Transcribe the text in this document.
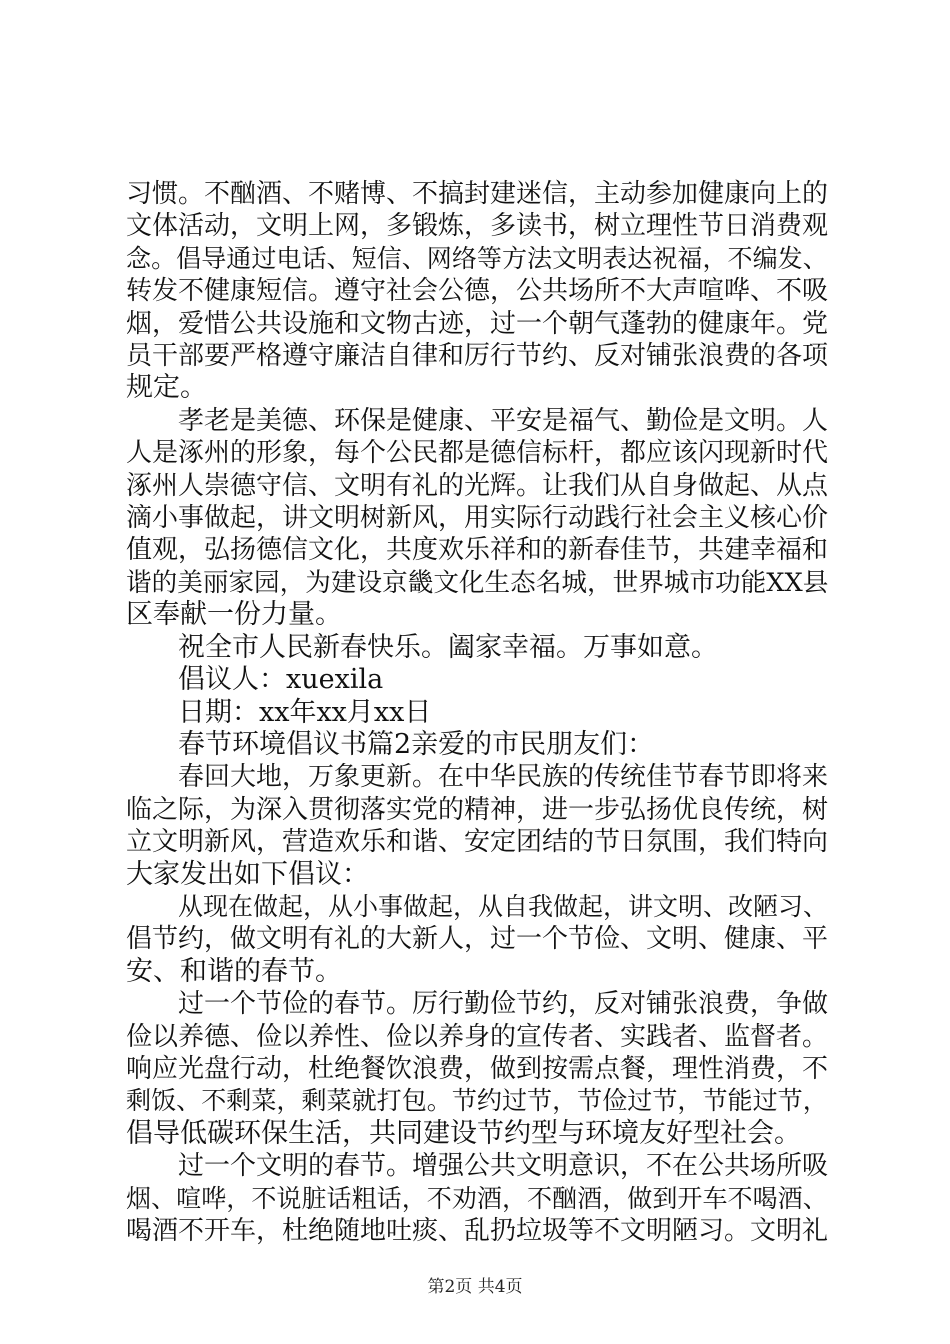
习惯。不酗酒、不赌博、不搞封建迷信，主动参加健康向上的
文体活动，文明上网，多锻炼，多读书，树立理性节日消费观
念。倡导通过电话、短信、网络等方法文明表达祝福，不编发、
转发不健康短信。遵守社会公德，公共场所不大声喧哗、不吸
烟，爱惜公共设施和文物古迹，过一个朝气蓬勃的健康年。党
员干部要严格遵守廉洁自律和厉行节约、反对铺张浪费的各项
规定。
孝老是美德、环保是健康、平安是福气、勤俭是文明。人
人是涿州的形象，每个公民都是德信标杆，都应该闪现新时代
涿州人崇德守信、文明有礼的光辉。让我们从自身做起、从点
滴小事做起，讲文明树新风，用实际行动践行社会主义核心价
值观，弘扬德信文化，共度欢乐祥和的新春佳节，共建幸福和
谐的美丽家园，为建设京畿文化生态名城，世界城市功能XX县
区奉献一份力量。
祝全市人民新春快乐。阖家幸福。万事如意。
倡议人：xuexila
日期：xx年xx月xx日
春节环境倡议书篇2亲爱的市民朋友们：
春回大地，万象更新。在中华民族的传统佳节春节即将来
临之际，为深入贯彻落实党的精神，进一步弘扬优良传统，树
立文明新风，营造欢乐和谐、安定团结的节日氛围，我们特向
大家发出如下倡议：
从现在做起，从小事做起，从自我做起，讲文明、改陋习、
倡节约，做文明有礼的大新人，过一个节俭、文明、健康、平
安、和谐的春节。
过一个节俭的春节。厉行勤俭节约，反对铺张浪费，争做
俭以养德、俭以养性、俭以养身的宣传者、实践者、监督者。
响应光盘行动，杜绝餐饮浪费，做到按需点餐，理性消费，不
剩饭、不剩菜，剩菜就打包。节约过节，节俭过节，节能过节，
倡导低碳环保生活，共同建设节约型与环境友好型社会。
过一个文明的春节。增强公共文明意识，不在公共场所吸
烟、喧哗，不说脏话粗话，不劝酒，不酗酒，做到开车不喝酒、
喝酒不开车，杜绝随地吐痰、乱扔垃圾等不文明陋习。文明礼
第2页 共4页
